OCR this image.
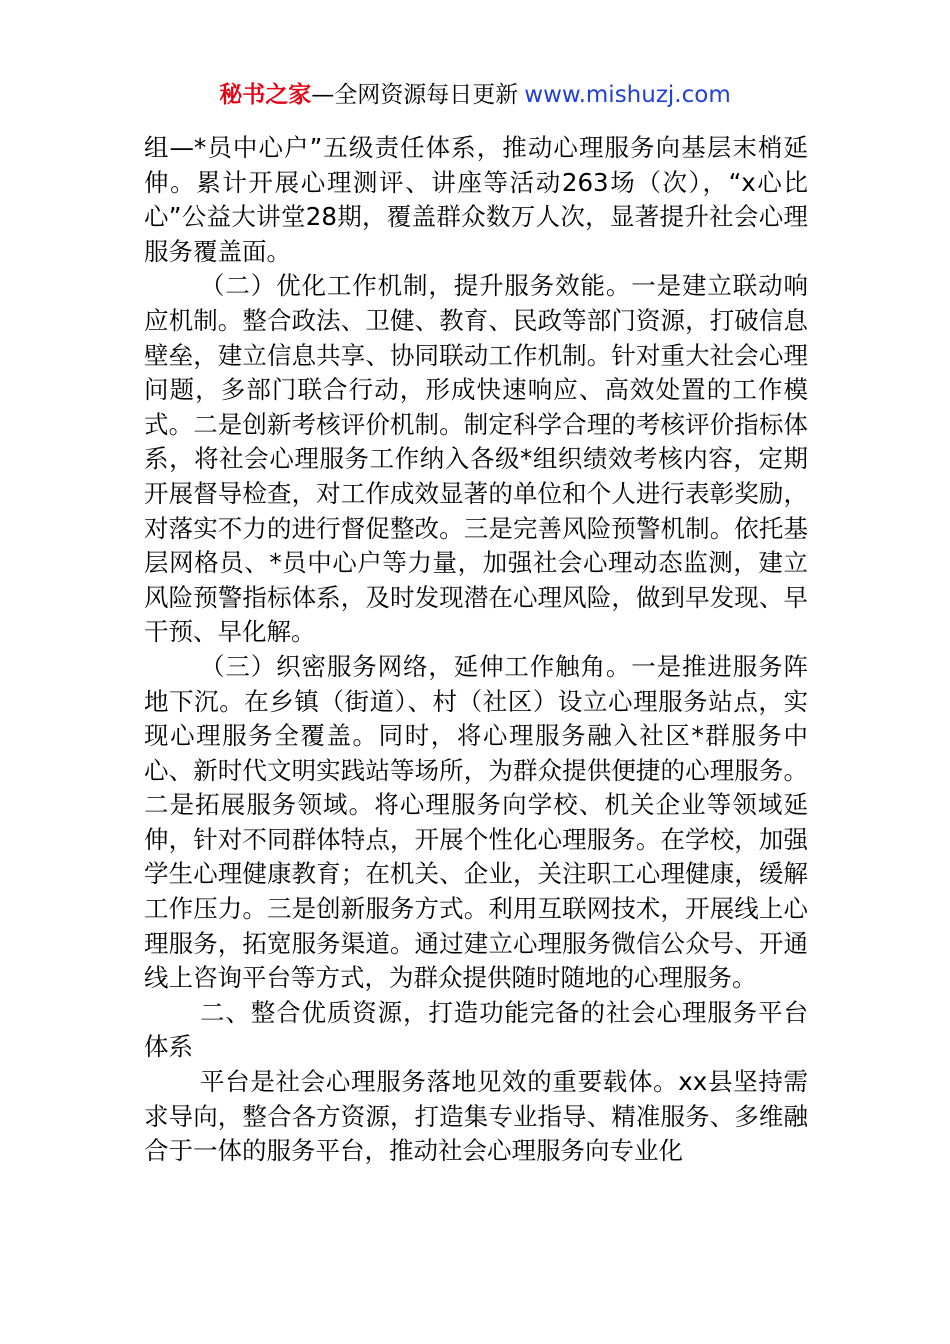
秘书之家—全网资源每日更新 www.mishuzj.com

组—*员中心户”五级责任体系，推动心理服务向基层末梢延伸。累计开展心理测评、讲座等活动263场（次），“x心比心”公益大讲堂28期，覆盖群众数万人次，显著提升社会心理服务覆盖面。

（二）优化工作机制，提升服务效能。一是建立联动响应机制。整合政法、卫健、教育、民政等部门资源，打破信息壁垒，建立信息共享、协同联动工作机制。针对重大社会心理问题，多部门联合行动，形成快速响应、高效处置的工作模式。二是创新考核评价机制。制定科学合理的考核评价指标体系，将社会心理服务工作纳入各级*组织绩效考核内容，定期开展督导检查，对工作成效显著的单位和个人进行表彰奖励，对落实不力的进行督促整改。三是完善风险预警机制。依托基层网格员、*员中心户等力量，加强社会心理动态监测，建立风险预警指标体系，及时发现潜在心理风险，做到早发现、早干预、早化解。

（三）织密服务网络，延伸工作触角。一是推进服务阵地下沉。在乡镇（街道）、村（社区）设立心理服务站点，实现心理服务全覆盖。同时，将心理服务融入社区*群服务中心、新时代文明实践站等场所，为群众提供便捷的心理服务。二是拓展服务领域。将心理服务向学校、机关企业等领域延伸，针对不同群体特点，开展个性化心理服务。在学校，加强学生心理健康教育；在机关、企业，关注职工心理健康，缓解工作压力。三是创新服务方式。利用互联网技术，开展线上心理服务，拓宽服务渠道。通过建立心理服务微信公众号、开通线上咨询平台等方式，为群众提供随时随地的心理服务。

二、整合优质资源，打造功能完备的社会心理服务平台体系

平台是社会心理服务落地见效的重要载体。xx县坚持需求导向，整合各方资源，打造集专业指导、精准服务、多维融合于一体的服务平台，推动社会心理服务向专业化
